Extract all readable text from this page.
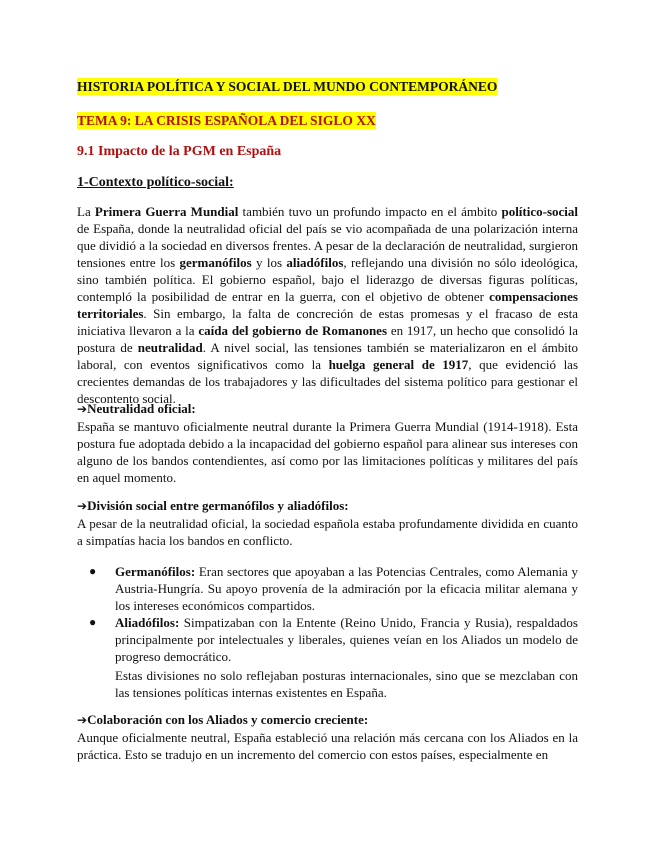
HISTORIA POLÍTICA Y SOCIAL DEL MUNDO CONTEMPORÁNEO
TEMA 9: LA CRISIS ESPAÑOLA DEL SIGLO XX
9.1 Impacto de la PGM en España
1-Contexto político-social:
La Primera Guerra Mundial también tuvo un profundo impacto en el ámbito político-social de España, donde la neutralidad oficial del país se vio acompañada de una polarización interna que dividió a la sociedad en diversos frentes. A pesar de la declaración de neutralidad, surgieron tensiones entre los germanófilos y los aliadófilos, reflejando una división no sólo ideológica, sino también política. El gobierno español, bajo el liderazgo de diversas figuras políticas, contempló la posibilidad de entrar en la guerra, con el objetivo de obtener compensaciones territoriales. Sin embargo, la falta de concreción de estas promesas y el fracaso de esta iniciativa llevaron a la caída del gobierno de Romanones en 1917, un hecho que consolidó la postura de neutralidad. A nivel social, las tensiones también se materializaron en el ámbito laboral, con eventos significativos como la huelga general de 1917, que evidenció las crecientes demandas de los trabajadores y las dificultades del sistema político para gestionar el descontento social.
➔Neutralidad oficial:
España se mantuvo oficialmente neutral durante la Primera Guerra Mundial (1914-1918). Esta postura fue adoptada debido a la incapacidad del gobierno español para alinear sus intereses con alguno de los bandos contendientes, así como por las limitaciones políticas y militares del país en aquel momento.
➔División social entre germanófilos y aliadófilos:
A pesar de la neutralidad oficial, la sociedad española estaba profundamente dividida en cuanto a simpatías hacia los bandos en conflicto.
● Germanófilos: Eran sectores que apoyaban a las Potencias Centrales, como Alemania y Austria-Hungría. Su apoyo provenía de la admiración por la eficacia militar alemana y los intereses económicos compartidos.
● Aliadófilos: Simpatizaban con la Entente (Reino Unido, Francia y Rusia), respaldados principalmente por intelectuales y liberales, quienes veían en los Aliados un modelo de progreso democrático.
Estas divisiones no solo reflejaban posturas internacionales, sino que se mezclaban con las tensiones políticas internas existentes en España.
➔Colaboración con los Aliados y comercio creciente:
Aunque oficialmente neutral, España estableció una relación más cercana con los Aliados en la práctica. Esto se tradujo en un incremento del comercio con estos países, especialmente en
